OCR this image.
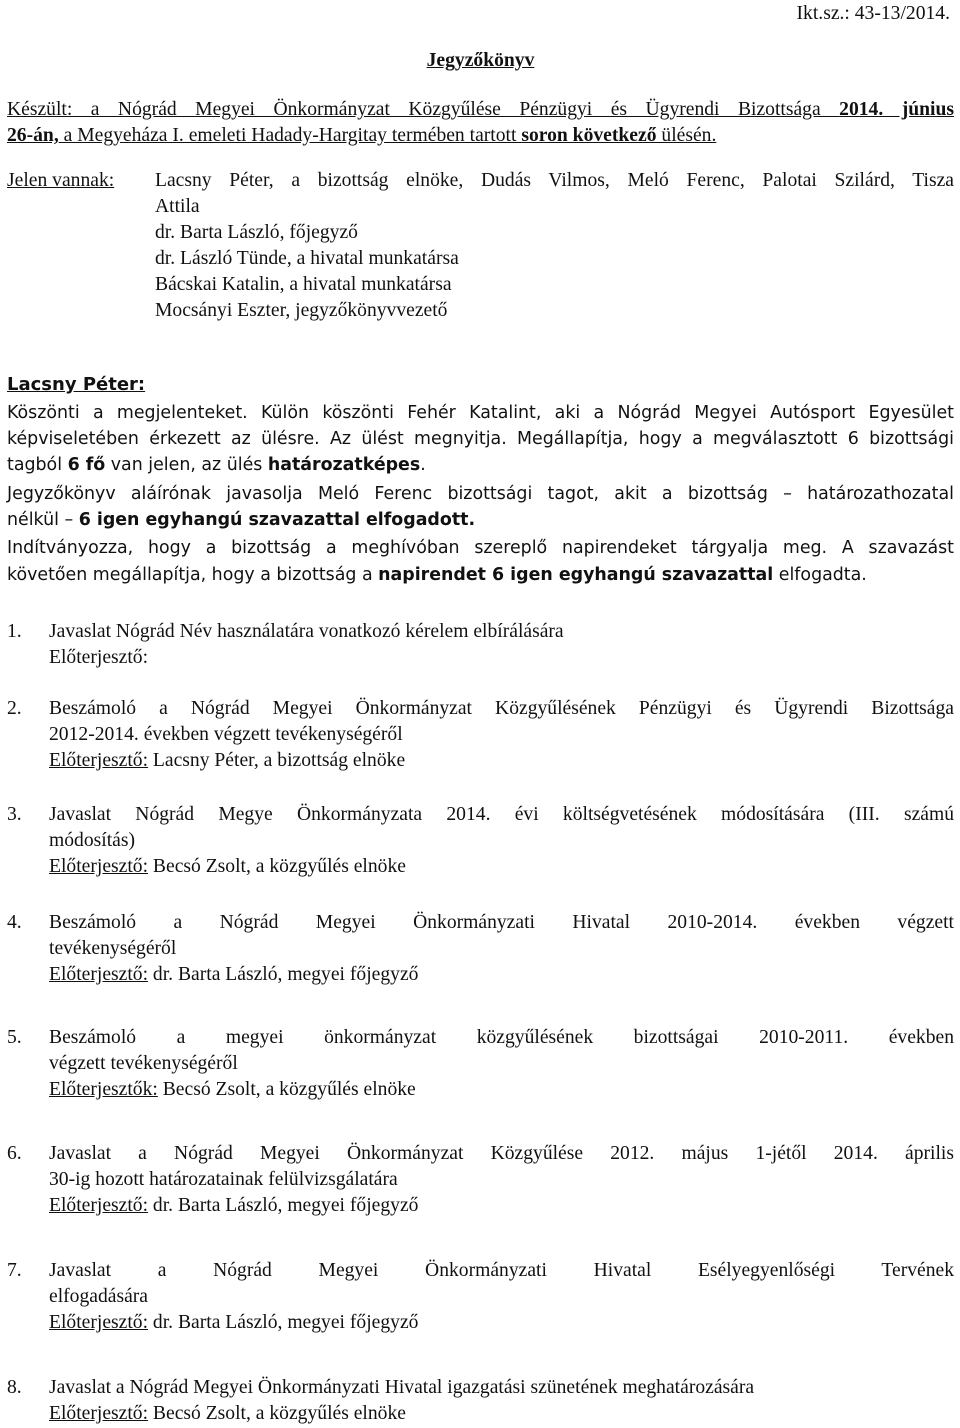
Ikt.sz.: 43-13/2014.
Jegyzőkönyv
Készült: a Nógrád Megyei Önkormányzat Közgyűlése Pénzügyi és Ügyrendi Bizottsága 2014. június
26-án, a Megyeháza I. emeleti Hadady-Hargitay termében tartott soron következő ülésén.
Jelen vannak: Lacsny Péter, a bizottság elnöke, Dudás Vilmos, Meló Ferenc, Palotai Szilárd, Tisza
Attila
dr. Barta László, főjegyző
dr. László Tünde, a hivatal munkatársa
Bácskai Katalin, a hivatal munkatársa
Mocsányi Eszter, jegyzőkönyvvezető
Lacsny Péter:
Köszönti a megjelenteket. Külön köszönti Fehér Katalint, aki a Nógrád Megyei Autósport Egyesület
képviseletében érkezett az ülésre. Az ülést megnyitja. Megállapítja, hogy a megválasztott 6 bizottsági
tagból 6 fő van jelen, az ülés határozatképes.
Jegyzőkönyv aláírónak javasolja Meló Ferenc bizottsági tagot, akit a bizottság – határozathozatal
nélkül – 6 igen egyhangú szavazattal elfogadott.
Indítványozza, hogy a bizottság a meghívóban szereplő napirendeket tárgyalja meg. A szavazást
követően megállapítja, hogy a bizottság a napirendet 6 igen egyhangú szavazattal elfogadta.
1. Javaslat Nógrád Név használatára vonatkozó kérelem elbírálására
Előterjesztő:
2. Beszámoló a Nógrád Megyei Önkormányzat Közgyűlésének Pénzügyi és Ügyrendi Bizottsága
2012-2014. években végzett tevékenységéről
Előterjesztő: Lacsny Péter, a bizottság elnöke
3. Javaslat Nógrád Megye Önkormányzata 2014. évi költségvetésének módosítására (III. számú
módosítás)
Előterjesztő: Becsó Zsolt, a közgyűlés elnöke
4. Beszámoló a Nógrád Megyei Önkormányzati Hivatal 2010-2014. években végzett
tevékenységéről
Előterjesztő: dr. Barta László, megyei főjegyző
5. Beszámoló a megyei önkormányzat közgyűlésének bizottságai 2010-2011. években
végzett tevékenységéről
Előterjesztők: Becsó Zsolt, a közgyűlés elnöke
6. Javaslat a Nógrád Megyei Önkormányzat Közgyűlése 2012. május 1-jétől 2014. április
30-ig hozott határozatainak felülvizsgálatára
Előterjesztő: dr. Barta László, megyei főjegyző
7. Javaslat a Nógrád Megyei Önkormányzati Hivatal Esélyegyenlőségi Tervének
elfogadására
Előterjesztő: dr. Barta László, megyei főjegyző
8. Javaslat a Nógrád Megyei Önkormányzati Hivatal igazgatási szünetének meghatározására
Előterjesztő: Becsó Zsolt, a közgyűlés elnöke
